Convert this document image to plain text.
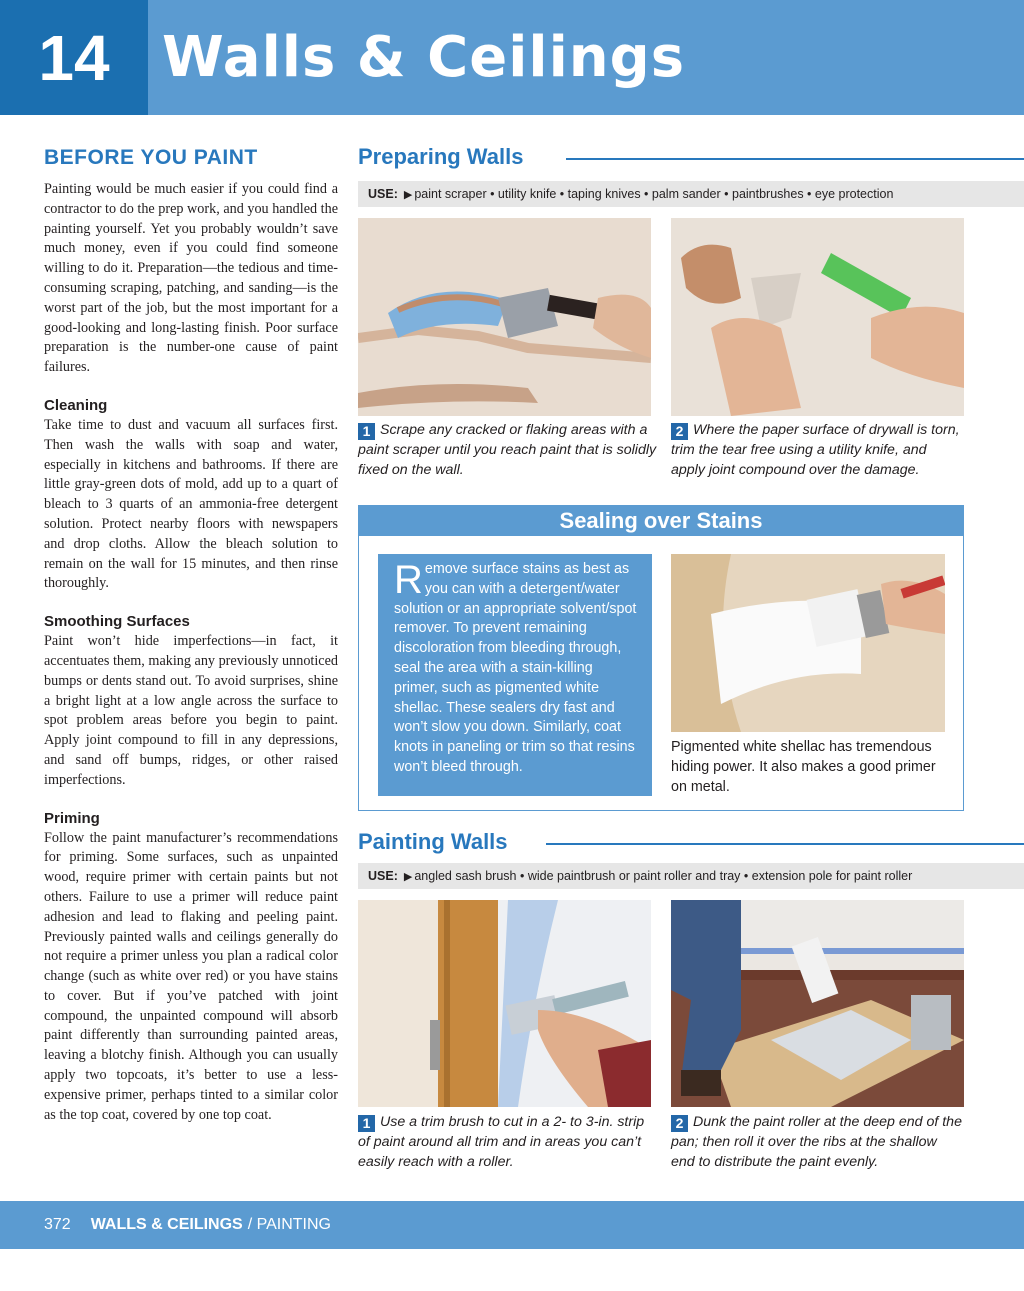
14 Walls & Ceilings
BEFORE YOU PAINT

Painting would be much easier if you could find a contractor to do the prep work, and you handled the painting yourself. Yet you probably wouldn’t save much money, even if you could find someone willing to do it. Preparation—the tedious and time-consuming scraping, patching, and sanding—is the worst part of the job, but the most important for a good-looking and long-lasting finish. Poor surface preparation is the number-one cause of paint failures.

Cleaning

Take time to dust and vacuum all surfaces first. Then wash the walls with soap and water, especially in kitchens and bathrooms. If there are little gray-green dots of mold, add up to a quart of bleach to 3 quarts of an ammonia-free detergent solution. Protect nearby floors with newspapers and drop cloths. Allow the bleach solution to remain on the wall for 15 minutes, and then rinse thoroughly.

Smoothing Surfaces

Paint won’t hide imperfections—in fact, it accentuates them, making any previously unnoticed bumps or dents stand out. To avoid surprises, shine a bright light at a low angle across the surface to spot problem areas before you begin to paint. Apply joint compound to fill in any depressions, and sand off bumps, ridges, or other raised imperfections.

Priming

Follow the paint manufacturer’s recommendations for priming. Some surfaces, such as unpainted wood, require primer with certain paints but not others. Failure to use a primer will reduce paint adhesion and lead to flaking and peeling paint. Previously painted walls and ceilings generally do not require a primer unless you plan a radical color change (such as white over red) or you have stains to cover. But if you’ve patched with joint compound, the unpainted compound will absorb paint differently than surrounding painted areas, leaving a blotchy finish. Although you can usually apply two topcoats, it’s better to use a less-expensive primer, perhaps tinted to a similar color as the top coat, covered by one top coat.

Preparing Walls
USE: ▶ paint scraper • utility knife • taping knives • palm sander • paintbrushes • eye protection
1 Scrape any cracked or flaking areas with a paint scraper until you reach paint that is solidly fixed on the wall.
2 Where the paper surface of drywall is torn, trim the tear free using a utility knife, and apply joint compound over the damage.
Sealing over Stains
Remove surface stains as best as you can with a detergent/water solution or an appropriate solvent/spot remover. To prevent remaining discoloration from bleeding through, seal the area with a stain-killing primer, such as pigmented white shellac. These sealers dry fast and won’t slow you down. Similarly, coat knots in paneling or trim so that resins won’t bleed through.
Pigmented white shellac has tremendous hiding power. It also makes a good primer on metal.
Painting Walls
USE: ▶ angled sash brush • wide paintbrush or paint roller and tray • extension pole for paint roller
1 Use a trim brush to cut in a 2- to 3-in. strip of paint around all trim and in areas you can’t easily reach with a roller.
2 Dunk the paint roller at the deep end of the pan; then roll it over the ribs at the shallow end to distribute the paint evenly.
372 WALLS & CEILINGS / PAINTING
